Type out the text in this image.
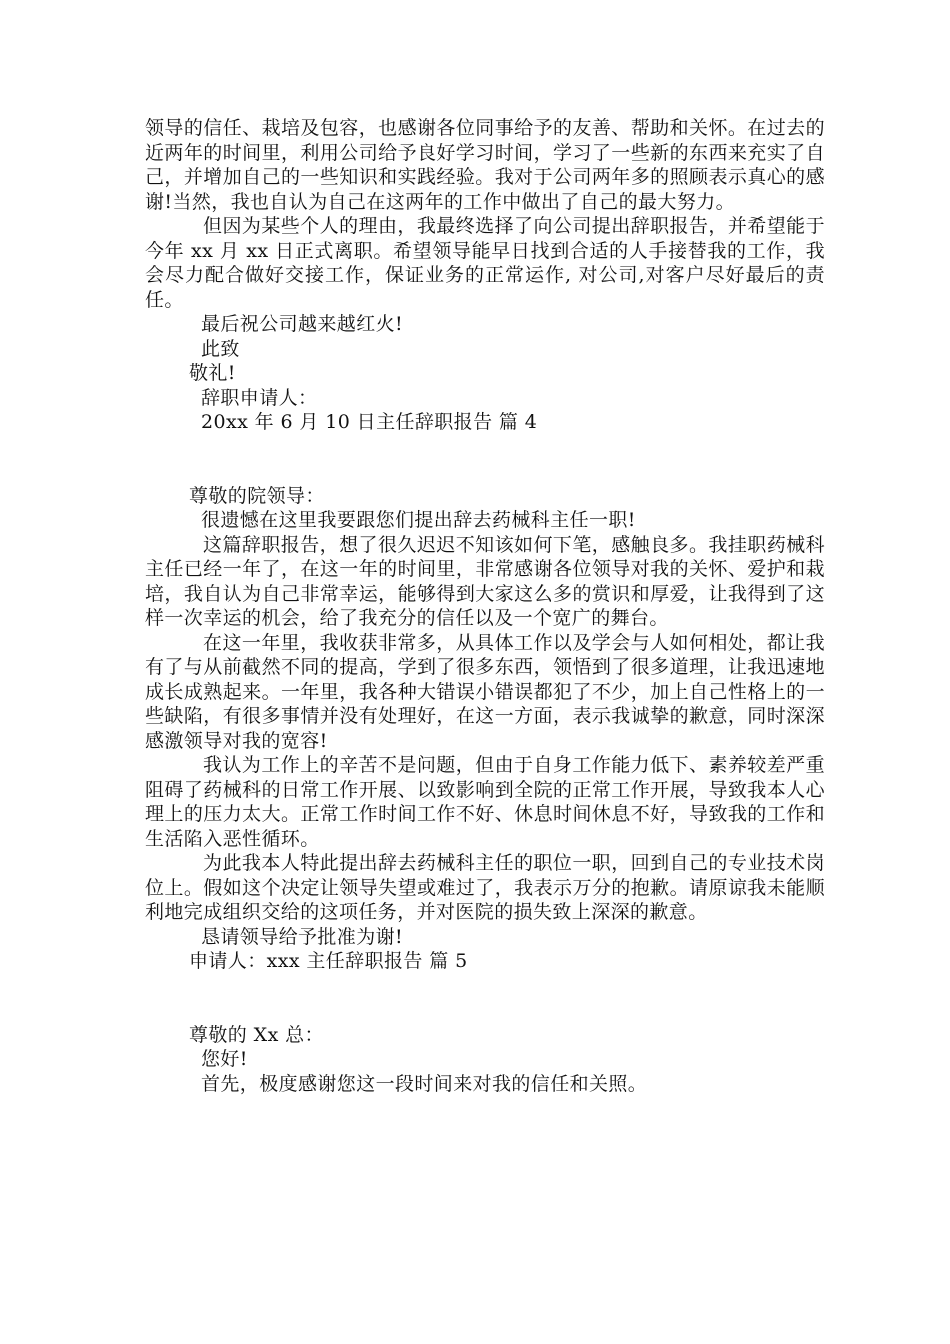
领导的信任、栽培及包容，也感谢各位同事给予的友善、帮助和关怀。在过去的近两年的时间里，利用公司给予良好学习时间，学习了一些新的东西来充实了自己，并增加自己的一些知识和实践经验。我对于公司两年多的照顾表示真心的感谢!当然，我也自认为自己在这两年的工作中做出了自己的最大努力。

但因为某些个人的理由，我最终选择了向公司提出辞职报告，并希望能于今年 xx 月 xx 日正式离职。希望领导能早日找到合适的人手接替我的工作，我会尽力配合做好交接工作，保证业务的正常运作, 对公司,对客户尽好最后的责任。

最后祝公司越来越红火!

此致

敬礼!

辞职申请人：

20xx 年 6 月 10 日主任辞职报告 篇 4

尊敬的院领导：

很遗憾在这里我要跟您们提出辞去药械科主任一职!

这篇辞职报告，想了很久迟迟不知该如何下笔，感触良多。我挂职药械科主任已经一年了，在这一年的时间里，非常感谢各位领导对我的关怀、爱护和栽培，我自认为自己非常幸运，能够得到大家这么多的赏识和厚爱，让我得到了这样一次幸运的机会，给了我充分的信任以及一个宽广的舞台。

在这一年里，我收获非常多，从具体工作以及学会与人如何相处，都让我有了与从前截然不同的提高，学到了很多东西，领悟到了很多道理，让我迅速地成长成熟起来。一年里，我各种大错误小错误都犯了不少，加上自己性格上的一些缺陷，有很多事情并没有处理好，在这一方面，表示我诚挚的歉意，同时深深感激领导对我的宽容!

我认为工作上的辛苦不是问题，但由于自身工作能力低下、素养较差严重阻碍了药械科的日常工作开展、以致影响到全院的正常工作开展，导致我本人心理上的压力太大。正常工作时间工作不好、休息时间休息不好，导致我的工作和生活陷入恶性循环。

为此我本人特此提出辞去药械科主任的职位一职，回到自己的专业技术岗位上。假如这个决定让领导失望或难过了，我表示万分的抱歉。请原谅我未能顺利地完成组织交给的这项任务，并对医院的损失致上深深的歉意。

恳请领导给予批准为谢!

申请人：xxx 主任辞职报告 篇 5

尊敬的 Xx 总：

您好!

首先，极度感谢您这一段时间来对我的信任和关照。
